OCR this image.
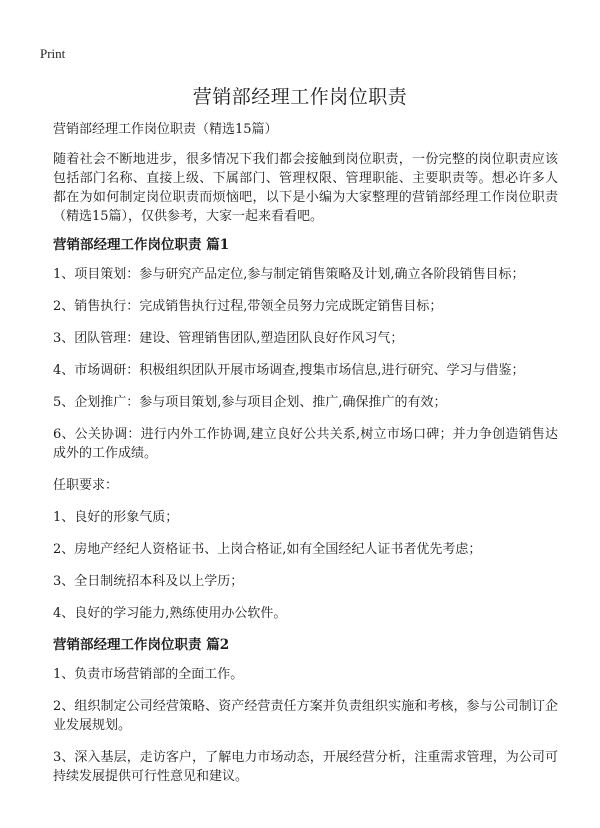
Print
营销部经理工作岗位职责

营销部经理工作岗位职责（精选15篇）

随着社会不断地进步，很多情况下我们都会接触到岗位职责，一份完整的岗位职责应该包括部门名称、直接上级、下属部门、管理权限、管理职能、主要职责等。想必许多人都在为如何制定岗位职责而烦恼吧，以下是小编为大家整理的营销部经理工作岗位职责（精选15篇），仅供参考，大家一起来看看吧。

营销部经理工作岗位职责 篇1

1、项目策划：参与研究产品定位,参与制定销售策略及计划,确立各阶段销售目标；

2、销售执行：完成销售执行过程,带领全员努力完成既定销售目标；

3、团队管理：建设、管理销售团队,塑造团队良好作风习气；

4、市场调研：积极组织团队开展市场调查,搜集市场信息,进行研究、学习与借鉴；

5、企划推广：参与项目策划,参与项目企划、推广,确保推广的有效；

6、公关协调：进行内外工作协调,建立良好公共关系,树立市场口碑；并力争创造销售达成外的工作成绩。

任职要求：

1、良好的形象气质；

2、房地产经纪人资格证书、上岗合格证,如有全国经纪人证书者优先考虑；

3、全日制统招本科及以上学历；

4、良好的学习能力,熟练使用办公软件。

营销部经理工作岗位职责 篇2

1、负责市场营销部的全面工作。

2、组织制定公司经营策略、资产经营责任方案并负责组织实施和考核，参与公司制订企业发展规划。

3、深入基层，走访客户，了解电力市场动态，开展经营分析，注重需求管理，为公司可持续发展提供可行性意见和建议。
